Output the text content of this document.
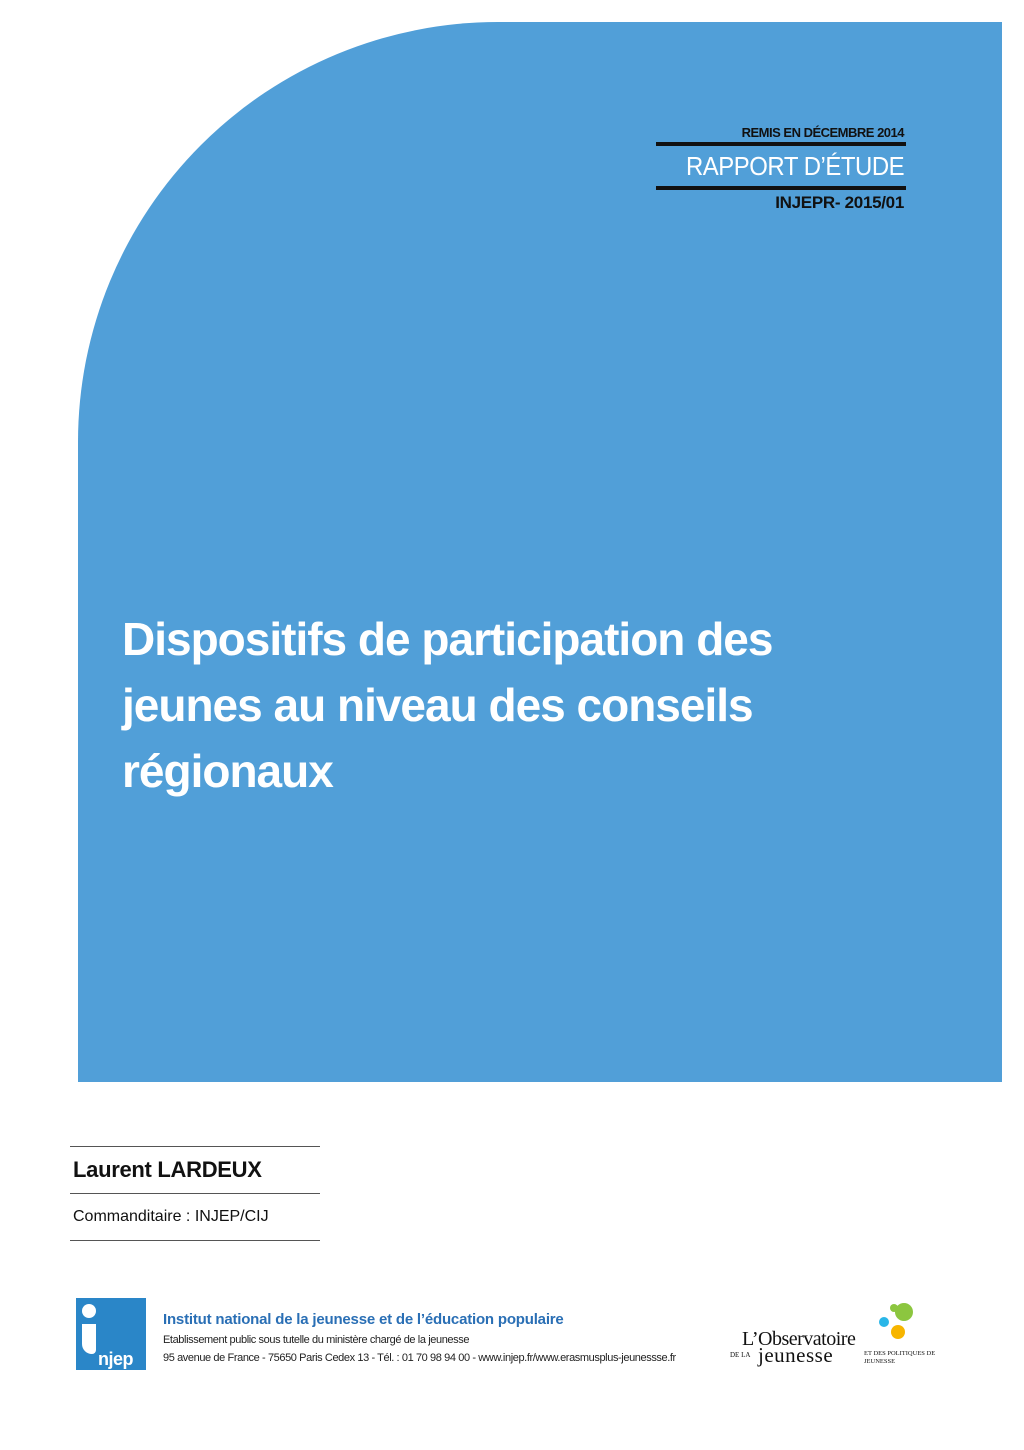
REMIS EN DÉCEMBRE 2014
RAPPORT D’ÉTUDE
INJEPR- 2015/01
Dispositifs de participation des
jeunes au niveau des conseils
régionaux
Laurent LARDEUX
Commanditaire : INJEP/CIJ
njep
Institut national de la jeunesse et de l’éducation populaire
Etablissement public sous tutelle du ministère chargé de la jeunesse
95 avenue de France - 75650 Paris Cedex 13 - Tél. : 01 70 98 94 00 - www.injep.fr/www.erasmusplus-jeunessse.fr
L’Observatoire
DE LA jeunesse	ET DES POLITIQUES DE JEUNESSE
